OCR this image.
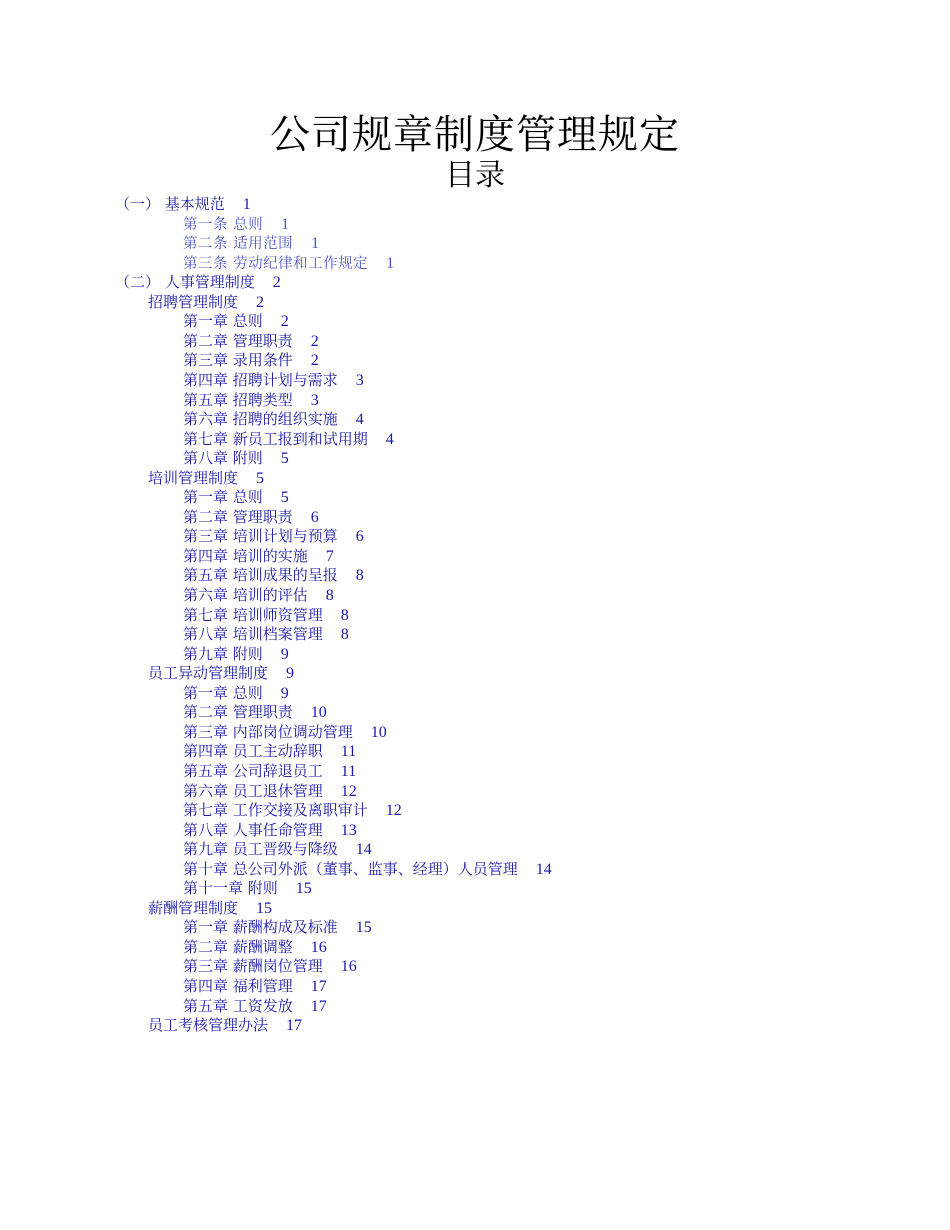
公司规章制度管理规定
目录
（一） 基本规范 1
第一条 总则 1
第二条 适用范围 1
第三条 劳动纪律和工作规定 1
（二） 人事管理制度 2
招聘管理制度 2
第一章 总则 2
第二章 管理职责 2
第三章 录用条件 2
第四章 招聘计划与需求 3
第五章 招聘类型 3
第六章 招聘的组织实施 4
第七章 新员工报到和试用期 4
第八章 附则 5
培训管理制度 5
第一章 总则 5
第二章 管理职责 6
第三章 培训计划与预算 6
第四章 培训的实施 7
第五章 培训成果的呈报 8
第六章 培训的评估 8
第七章 培训师资管理 8
第八章 培训档案管理 8
第九章 附则 9
员工异动管理制度 9
第一章 总则 9
第二章 管理职责 10
第三章 内部岗位调动管理 10
第四章 员工主动辞职 11
第五章 公司辞退员工 11
第六章 员工退休管理 12
第七章 工作交接及离职审计 12
第八章 人事任命管理 13
第九章 员工晋级与降级 14
第十章 总公司外派（董事、监事、经理）人员管理 14
第十一章 附则 15
薪酬管理制度 15
第一章 薪酬构成及标准 15
第二章 薪酬调整 16
第三章 薪酬岗位管理 16
第四章 福利管理 17
第五章 工资发放 17
员工考核管理办法 17
